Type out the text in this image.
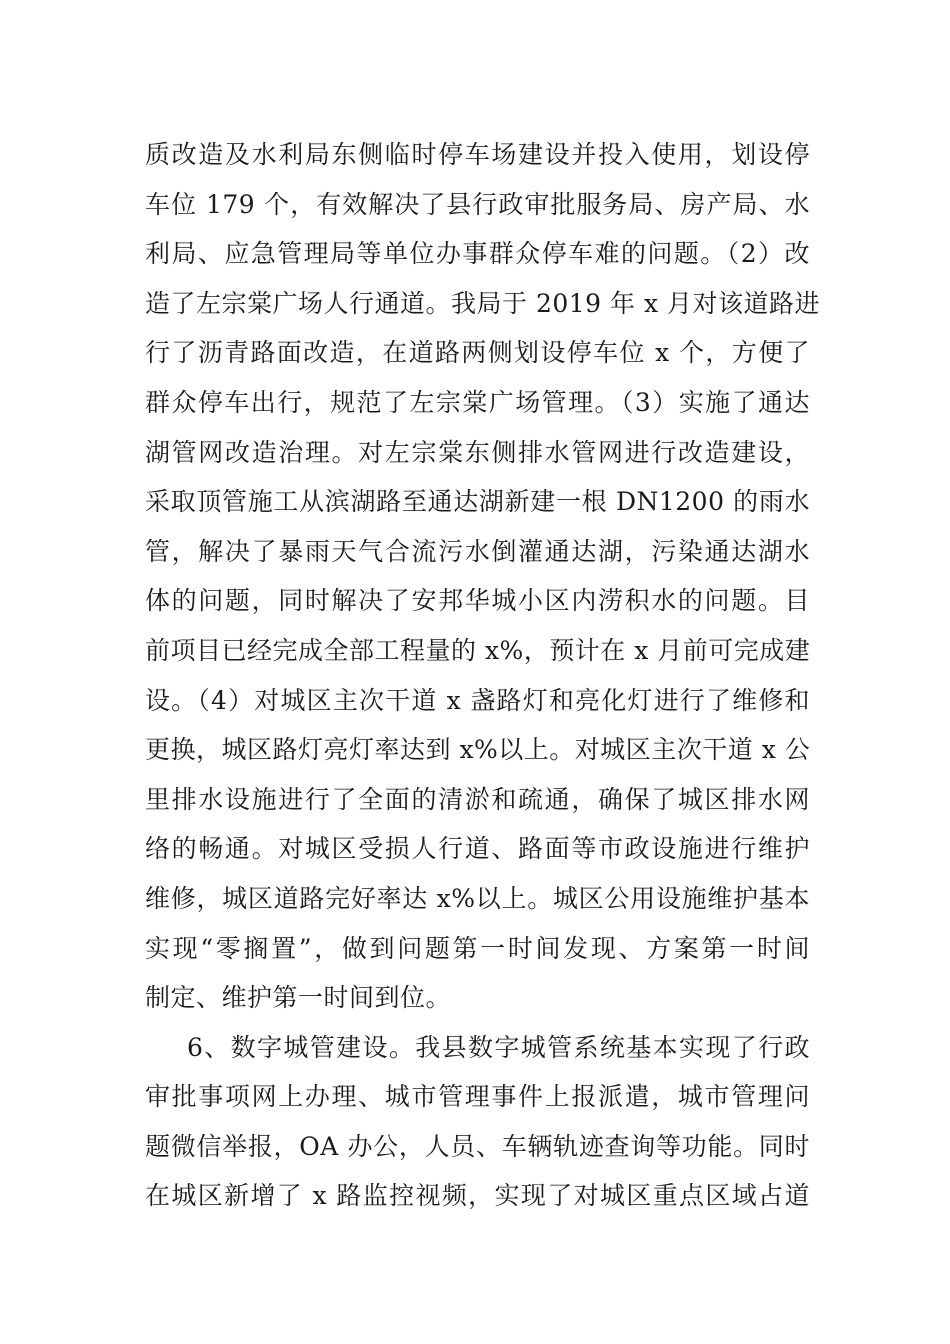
质改造及水利局东侧临时停车场建设并投入使用，划设停
车位 179 个，有效解决了县行政审批服务局、房产局、水
利局、应急管理局等单位办事群众停车难的问题。（2）改
造了左宗棠广场人行通道。我局于 2019 年 x 月对该道路进
行了沥青路面改造，在道路两侧划设停车位 x 个，方便了
群众停车出行，规范了左宗棠广场管理。（3）实施了通达
湖管网改造治理。对左宗棠东侧排水管网进行改造建设，
采取顶管施工从滨湖路至通达湖新建一根 DN1200 的雨水
管，解决了暴雨天气合流污水倒灌通达湖，污染通达湖水
体的问题，同时解决了安邦华城小区内涝积水的问题。目
前项目已经完成全部工程量的 x%，预计在 x 月前可完成建
设。（4）对城区主次干道 x 盏路灯和亮化灯进行了维修和
更换，城区路灯亮灯率达到 x%以上。对城区主次干道 x 公
里排水设施进行了全面的清淤和疏通，确保了城区排水网
络的畅通。对城区受损人行道、路面等市政设施进行维护
维修，城区道路完好率达 x%以上。城区公用设施维护基本
实现“零搁置”，做到问题第一时间发现、方案第一时间
制定、维护第一时间到位。
6、数字城管建设。我县数字城管系统基本实现了行政
审批事项网上办理、城市管理事件上报派遣，城市管理问
题微信举报，OA 办公，人员、车辆轨迹查询等功能。同时
在城区新增了 x 路监控视频，实现了对城区重点区域占道
